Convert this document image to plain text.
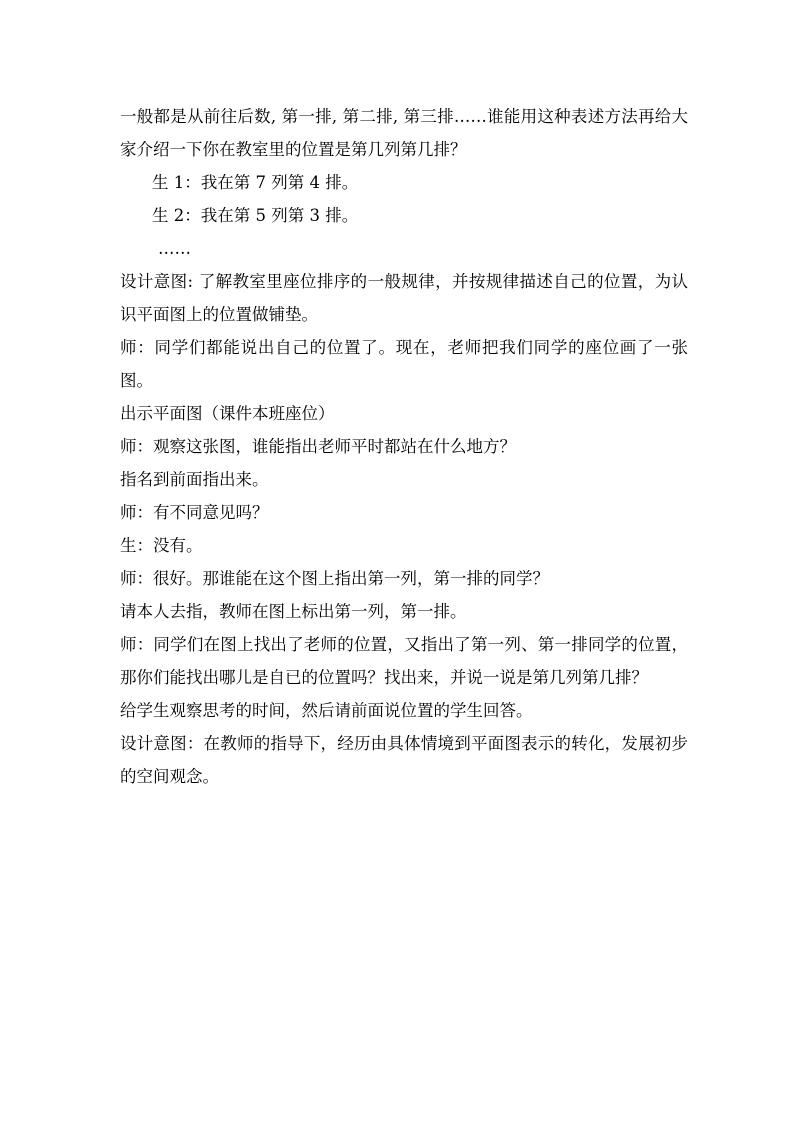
一般都是从前往后数, 第一排, 第二排, 第三排……谁能用这种表述方法再给大家介绍一下你在教室里的位置是第几列第几排？

生 1：我在第 7 列第 4 排。

生 2：我在第 5 列第 3 排。

……

设计意图: 了解教室里座位排序的一般规律，并按规律描述自己的位置，为认识平面图上的位置做铺垫。

师：同学们都能说出自己的位置了。现在，老师把我们同学的座位画了一张图。

出示平面图（课件本班座位）

师：观察这张图，谁能指出老师平时都站在什么地方？

指名到前面指出来。

师：有不同意见吗？

生：没有。

师：很好。那谁能在这个图上指出第一列，第一排的同学？

请本人去指，教师在图上标出第一列，第一排。

师：同学们在图上找出了老师的位置，又指出了第一列、第一排同学的位置，那你们能找出哪儿是自已的位置吗？找出来，并说一说是第几列第几排？

给学生观察思考的时间，然后请前面说位置的学生回答。

设计意图：在教师的指导下，经历由具体情境到平面图表示的转化，发展初步的空间观念。
